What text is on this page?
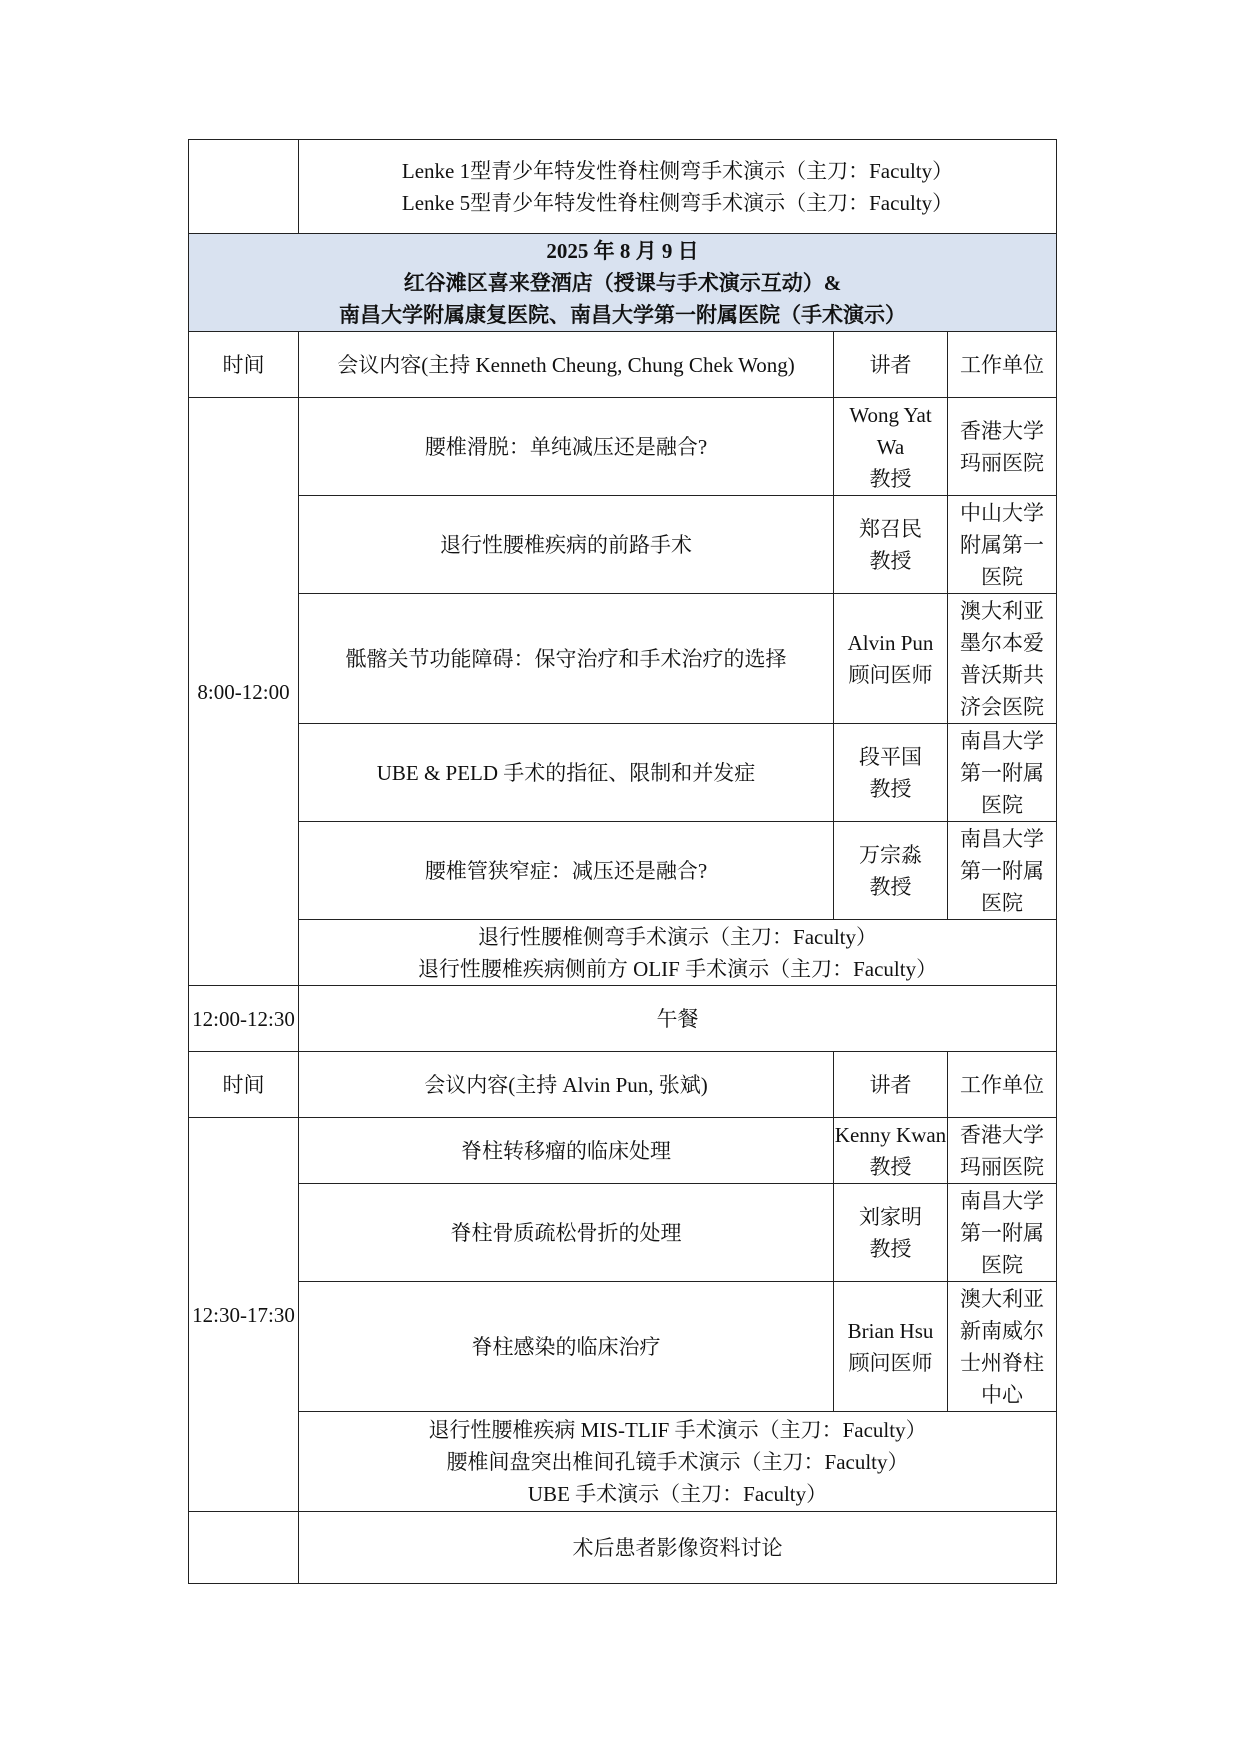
	Lenke 1型青少年特发性脊柱侧弯手术演示（主刀：Faculty）
Lenke 5型青少年特发性脊柱侧弯手术演示（主刀：Faculty）		

2025 年 8 月 9 日
红谷滩区喜来登酒店（授课与手术演示互动）&
南昌大学附属康复医院、南昌大学第一附属医院（手术演示）			

时间	会议内容(主持 Kenneth Cheung, Chung Chek Wong)	讲者	工作单位
8:00-12:00	腰椎滑脱：单纯减压还是融合?	Wong Yat
Wa
教授	香港大学
玛丽医院

	退行性腰椎疾病的前路手术	郑召民
教授	中山大学
附属第一
医院

	骶髂关节功能障碍：保守治疗和手术治疗的选择	Alvin Pun
顾问医师	澳大利亚
墨尔本爱
普沃斯共
济会医院

	UBE & PELD 手术的指征、限制和并发症	段平国
教授	南昌大学
第一附属
医院

	腰椎管狭窄症：减压还是融合?	万宗淼
教授	南昌大学
第一附属
医院

	退行性腰椎侧弯手术演示（主刀：Faculty）
退行性腰椎疾病侧前方 OLIF 手术演示（主刀：Faculty）		

12:00-12:30	午餐		
时间	会议内容(主持 Alvin Pun, 张斌)	讲者	工作单位
12:30-17:30	脊柱转移瘤的临床处理	Kenny Kwan
教授	香港大学
玛丽医院

	脊柱骨质疏松骨折的处理	刘家明
教授	南昌大学
第一附属
医院

	脊柱感染的临床治疗	Brian Hsu
顾问医师	澳大利亚
新南威尔
士州脊柱
中心

	退行性腰椎疾病 MIS-TLIF 手术演示（主刀：Faculty）
腰椎间盘突出椎间孔镜手术演示（主刀：Faculty）
UBE 手术演示（主刀：Faculty）		

	术后患者影像资料讨论		
